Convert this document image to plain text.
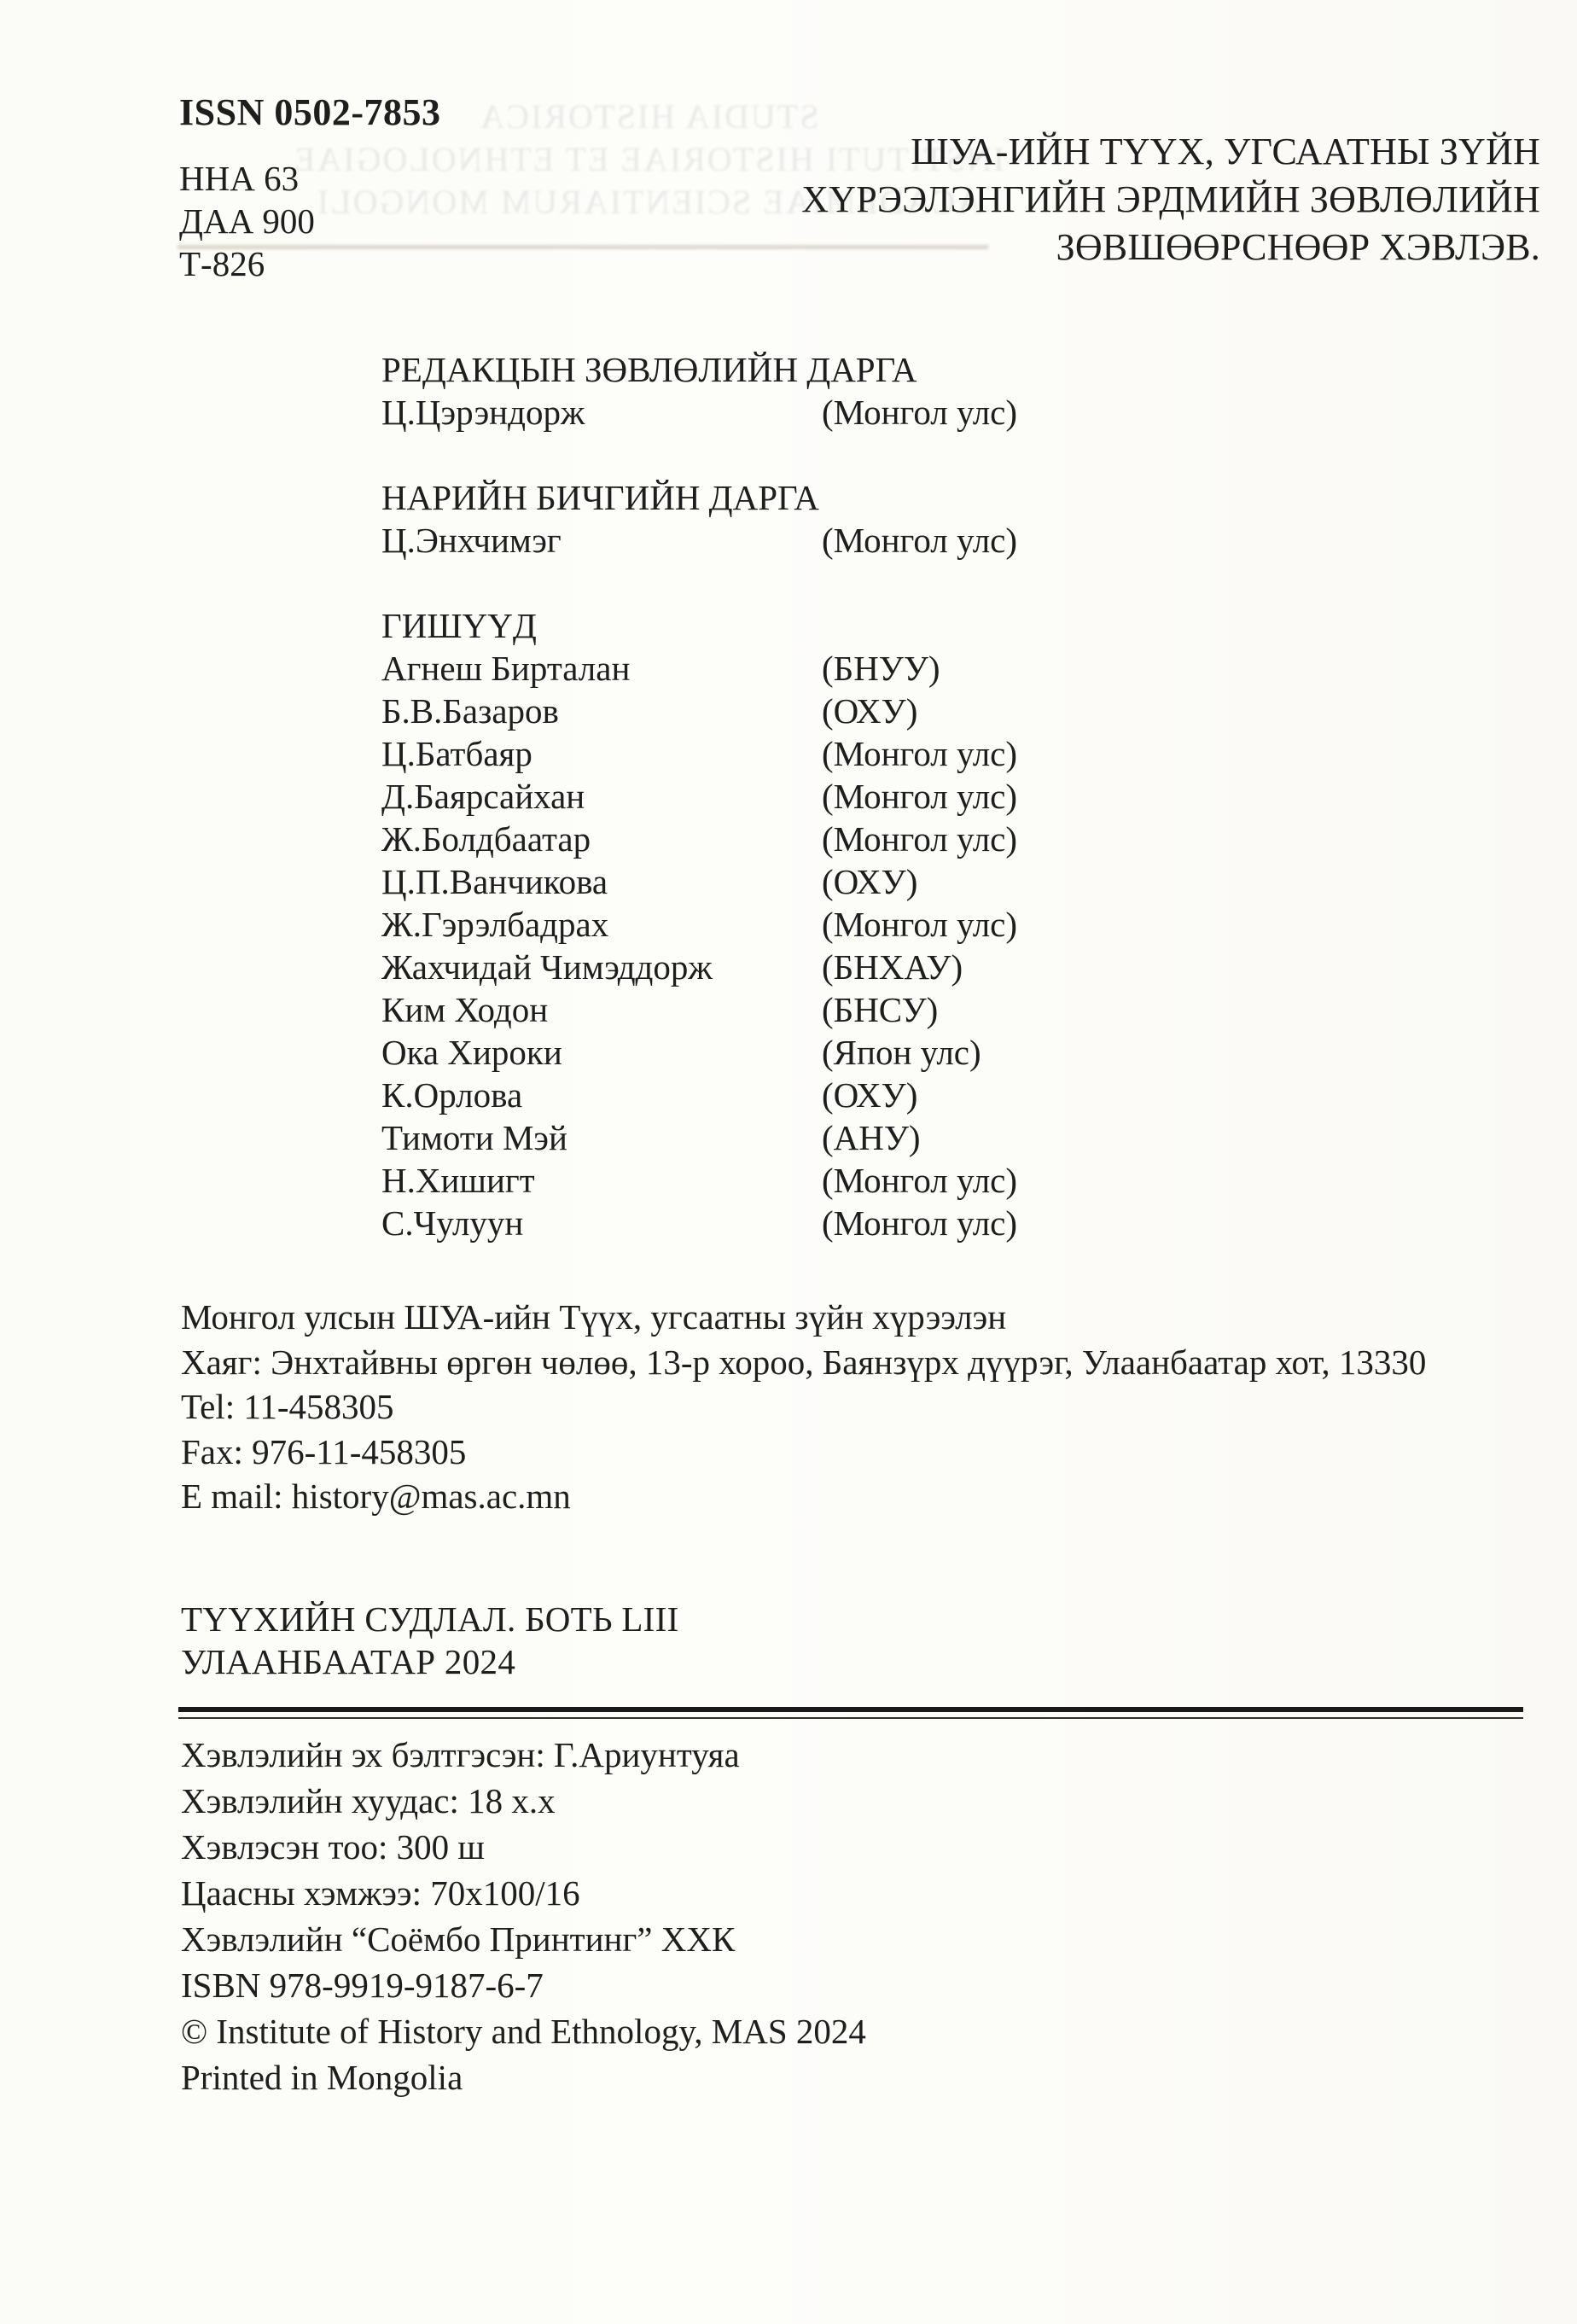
STUDIA HISTORICA
INSTITUTI HISTORIAE ET ETHNOLOGIAE
ACADEMIAE SCIENTIARUM MONGOLI
ISSN 0502-7853
ННА 63
ДАА 900
Т-826
ШУА-ИЙН ТҮҮХ, УГСААТНЫ ЗҮЙН
ХҮРЭЭЛЭНГИЙН ЭРДМИЙН ЗӨВЛӨЛИЙН
ЗӨВШӨӨРСНӨӨР ХЭВЛЭВ.
РЕДАКЦЫН ЗӨВЛӨЛИЙН ДАРГА
Ц.Цэрэндорж	(Монгол улс)
НАРИЙН БИЧГИЙН ДАРГА
Ц.Энхчимэг	(Монгол улс)
ГИШҮҮД
Агнеш Бирталан	(БНУУ)
Б.В.Базаров	(ОХУ)
Ц.Батбаяр	(Монгол улс)
Д.Баярсайхан	(Монгол улс)
Ж.Болдбаатар	(Монгол улс)
Ц.П.Ванчикова	(ОХУ)
Ж.Гэрэлбадрах	(Монгол улс)
Жахчидай Чимэддорж	(БНХАУ)
Ким Ходон	(БНСУ)
Ока Хироки	(Япон улс)
К.Орлова	(ОХУ)
Тимоти Мэй	(АНУ)
Н.Хишигт	(Монгол улс)
С.Чулуун	(Монгол улс)
Монгол улсын ШУА-ийн Түүх, угсаатны зүйн хүрээлэн
Хаяг: Энхтайвны өргөн чөлөө, 13-р хороо, Баянзүрх дүүрэг, Улаанбаатар хот, 13330
Tel: 11-458305
Fax: 976-11-458305
E mail: history@mas.ac.mn
ТҮҮХИЙН СУДЛАЛ. БОТЬ LIII
УЛААНБААТАР 2024
Хэвлэлийн эх бэлтгэсэн: Г.Ариунтуяа
Хэвлэлийн хуудас: 18 х.х
Хэвлэсэн тоо: 300 ш
Цаасны хэмжээ: 70х100/16
Хэвлэлийн “Соёмбо Принтинг” ХХК
ISBN 978-9919-9187-6-7
© Institute of History and Ethnology, MAS 2024
Printed in Mongolia
